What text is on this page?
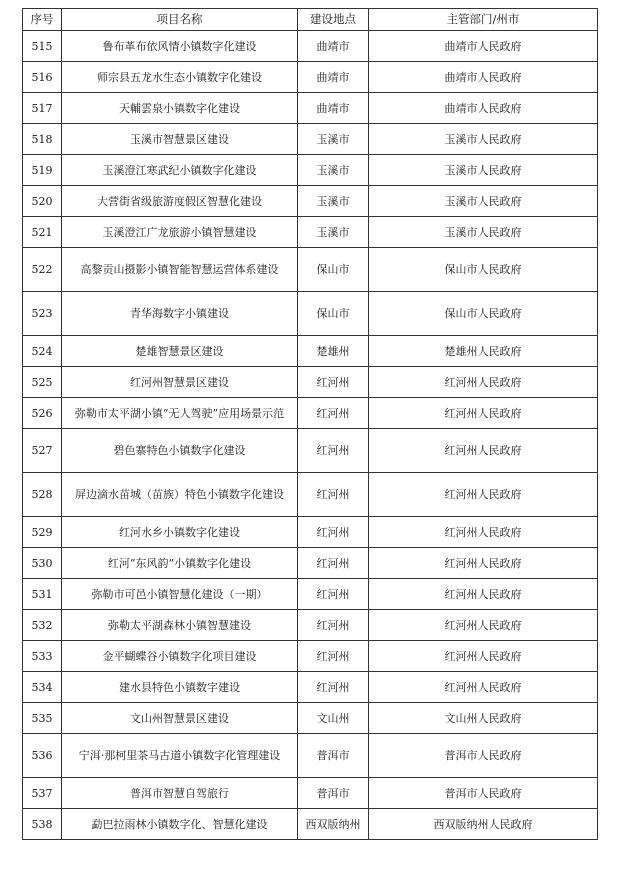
序号	项目名称	建设地点	主管部门/州市
515	鲁布革布依风情小镇数字化建设	曲靖市	曲靖市人民政府
516	师宗县五龙水生态小镇数字化建设	曲靖市	曲靖市人民政府
517	天輔雲泉小镇数字化建设	曲靖市	曲靖市人民政府
518	玉溪市智慧景区建设	玉溪市	玉溪市人民政府
519	玉溪澄江寒武纪小镇数字化建设	玉溪市	玉溪市人民政府
520	大营街省级旅游度假区智慧化建设	玉溪市	玉溪市人民政府
521	玉溪澄江广龙旅游小镇智慧建设	玉溪市	玉溪市人民政府
522	高黎贡山摄影小镇智能智慧运营体系建设	保山市	保山市人民政府
523	青华海数字小镇建设	保山市	保山市人民政府
524	楚雄智慧景区建设	楚雄州	楚雄州人民政府
525	红河州智慧景区建设	红河州	红河州人民政府
526	弥勒市太平湖小镇“无人驾驶”应用场景示范	红河州	红河州人民政府
527	碧色寨特色小镇数字化建设	红河州	红河州人民政府
528	屏边滴水苗城（苗族）特色小镇数字化建设	红河州	红河州人民政府
529	红河水乡小镇数字化建设	红河州	红河州人民政府
530	红河“东风韵”小镇数字化建设	红河州	红河州人民政府
531	弥勒市可邑小镇智慧化建设（一期）	红河州	红河州人民政府
532	弥勒太平湖森林小镇智慧建设	红河州	红河州人民政府
533	金平蝴蝶谷小镇数字化项目建设	红河州	红河州人民政府
534	建水县特色小镇数字建设	红河州	红河州人民政府
535	文山州智慧景区建设	文山州	文山州人民政府
536	宁洱·那柯里茶马古道小镇数字化管理建设	普洱市	普洱市人民政府
537	普洱市智慧自驾旅行	普洱市	普洱市人民政府
538	勐巴拉雨林小镇数字化、智慧化建设	西双版纳州	西双版纳州人民政府
